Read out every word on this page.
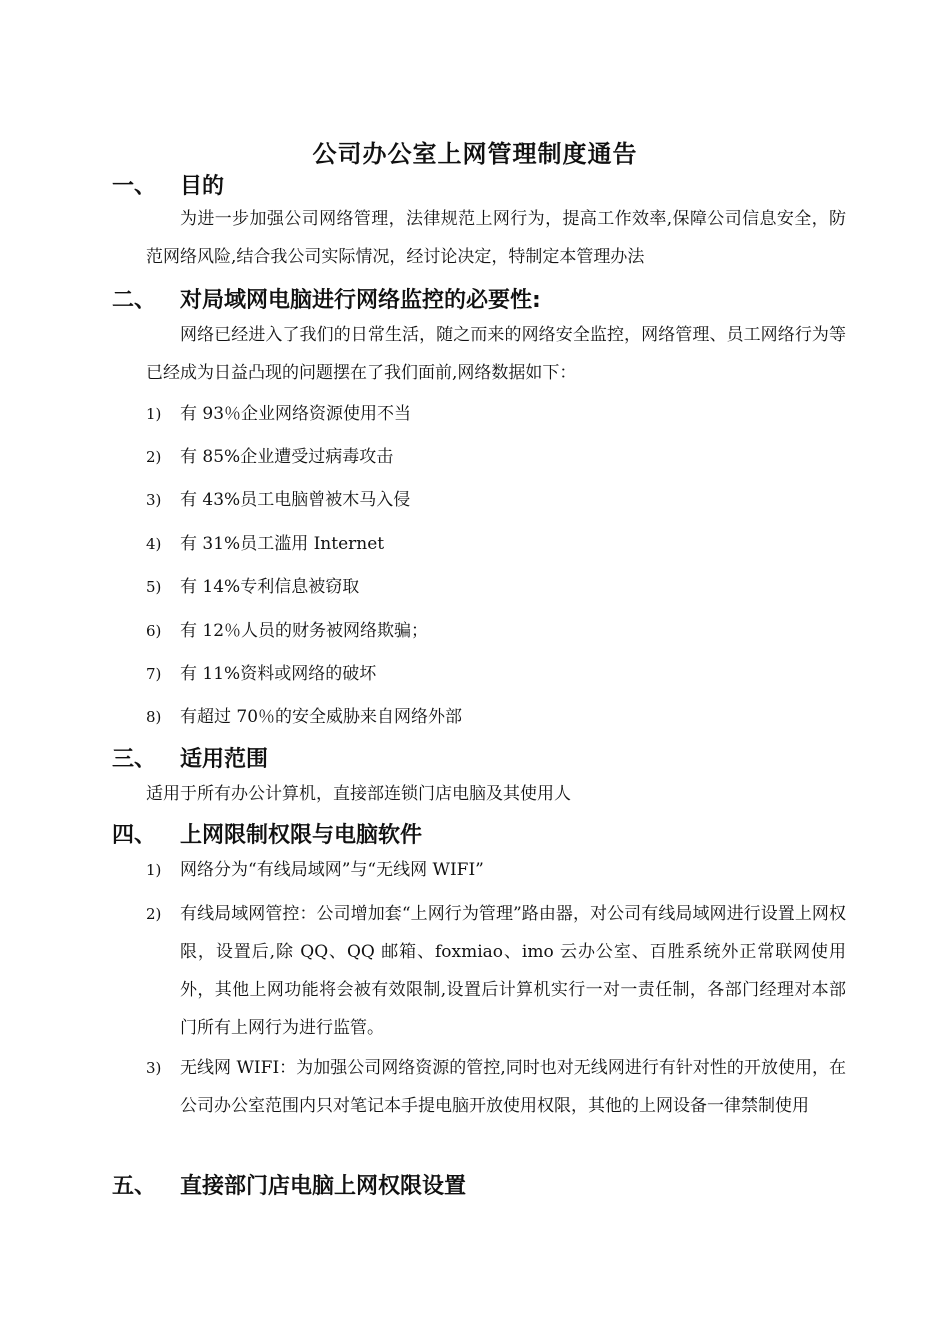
公司办公室上网管理制度通告
一、 目的

为进一步加强公司网络管理，法律规范上网行为，提高工作效率,保障公司信息安全，防范网络风险,结合我公司实际情况，经讨论决定，特制定本管理办法

二、 对局域网电脑进行网络监控的必要性:

网络已经进入了我们的日常生活，随之而来的网络安全监控，网络管理、员工网络行为等已经成为日益凸现的问题摆在了我们面前,网络数据如下：

1)	有 93％企业网络资源使用不当
2)	有 85%企业遭受过病毒攻击
3)	有 43%员工电脑曾被木马入侵
4)	有 31%员工滥用 Internet
5)	有 14%专利信息被窃取
6)	有 12％人员的财务被网络欺骗；
7)	有 11%资料或网络的破坏
8)	有超过 70％的安全威胁来自网络外部
三、 适用范围

适用于所有办公计算机，直接部连锁门店电脑及其使用人

四、 上网限制权限与电脑软件
1)	网络分为“有线局域网”与“无线网 WIFI”
2)	有线局域网管控：公司增加套“上网行为管理”路由器，对公司有线局域网进行设置上网权限，设置后,除 QQ、QQ 邮箱、foxmiao、imo 云办公室、百胜系统外正常联网使用外，其他上网功能将会被有效限制,设置后计算机实行一对一责任制，各部门经理对本部门所有上网行为进行监管。
3)	无线网 WIFI：为加强公司网络资源的管控,同时也对无线网进行有针对性的开放使用，在公司办公室范围内只对笔记本手提电脑开放使用权限，其他的上网设备一律禁制使用
五、 直接部门店电脑上网权限设置
